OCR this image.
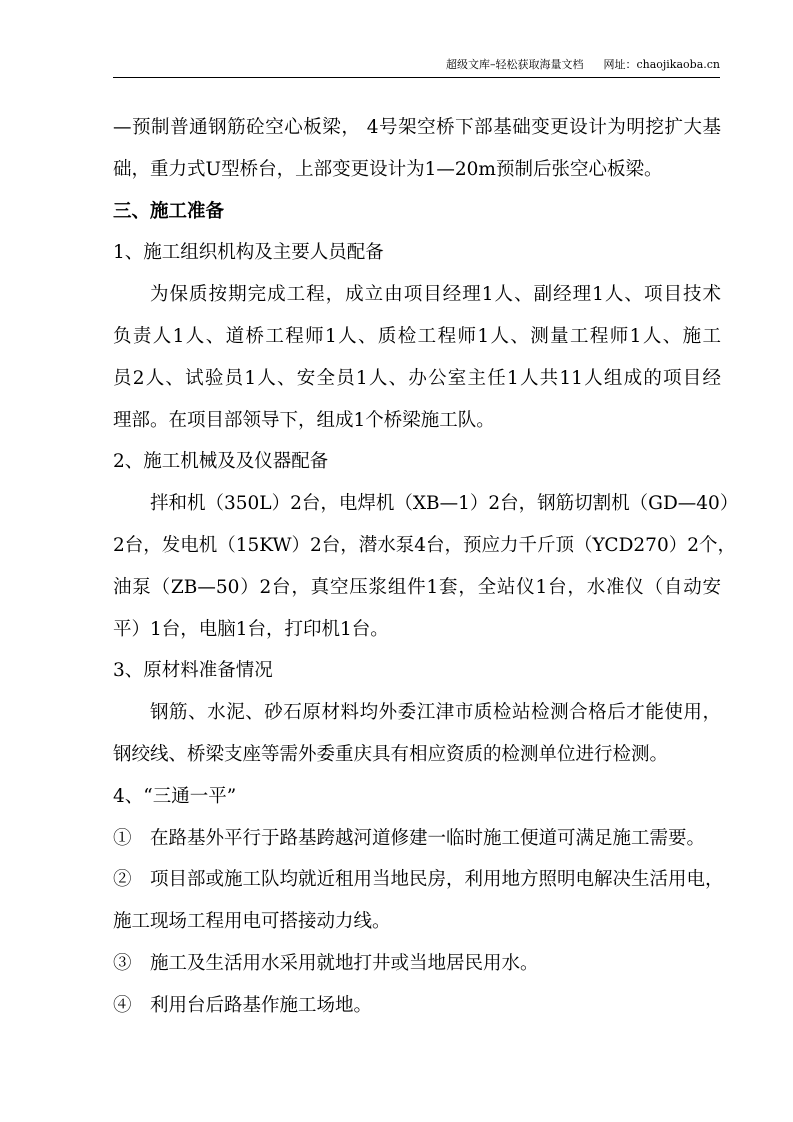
超级文库–轻松获取海量文档 网址：chaojikaoba.cn
—预制普通钢筋砼空心板梁， 4号架空桥下部基础变更设计为明挖扩大基
础，重力式U型桥台，上部变更设计为1—20m预制后张空心板梁。
三、施工准备
1、施工组织机构及主要人员配备
为保质按期完成工程，成立由项目经理1人、副经理1人、项目技术
负责人1人、道桥工程师1人、质检工程师1人、测量工程师1人、施工
员2人、试验员1人、安全员1人、办公室主任1人共11人组成的项目经
理部。在项目部领导下，组成1个桥梁施工队。
2、施工机械及及仪器配备
拌和机（350L）2台，电焊机（XB—1）2台，钢筋切割机（GD—40）
2台，发电机（15KW）2台，潜水泵4台，预应力千斤顶（YCD270）2个，
油泵（ZB—50）2台，真空压浆组件1套，全站仪1台，水准仪（自动安
平）1台，电脑1台，打印机1台。
3、原材料准备情况
钢筋、水泥、砂石原材料均外委江津市质检站检测合格后才能使用，
钢绞线、桥梁支座等需外委重庆具有相应资质的检测单位进行检测。
4、“三通一平”
①　在路基外平行于路基跨越河道修建一临时施工便道可满足施工需要。
②　项目部或施工队均就近租用当地民房，利用地方照明电解决生活用电，
施工现场工程用电可搭接动力线。
③　施工及生活用水采用就地打井或当地居民用水。
④　利用台后路基作施工场地。
